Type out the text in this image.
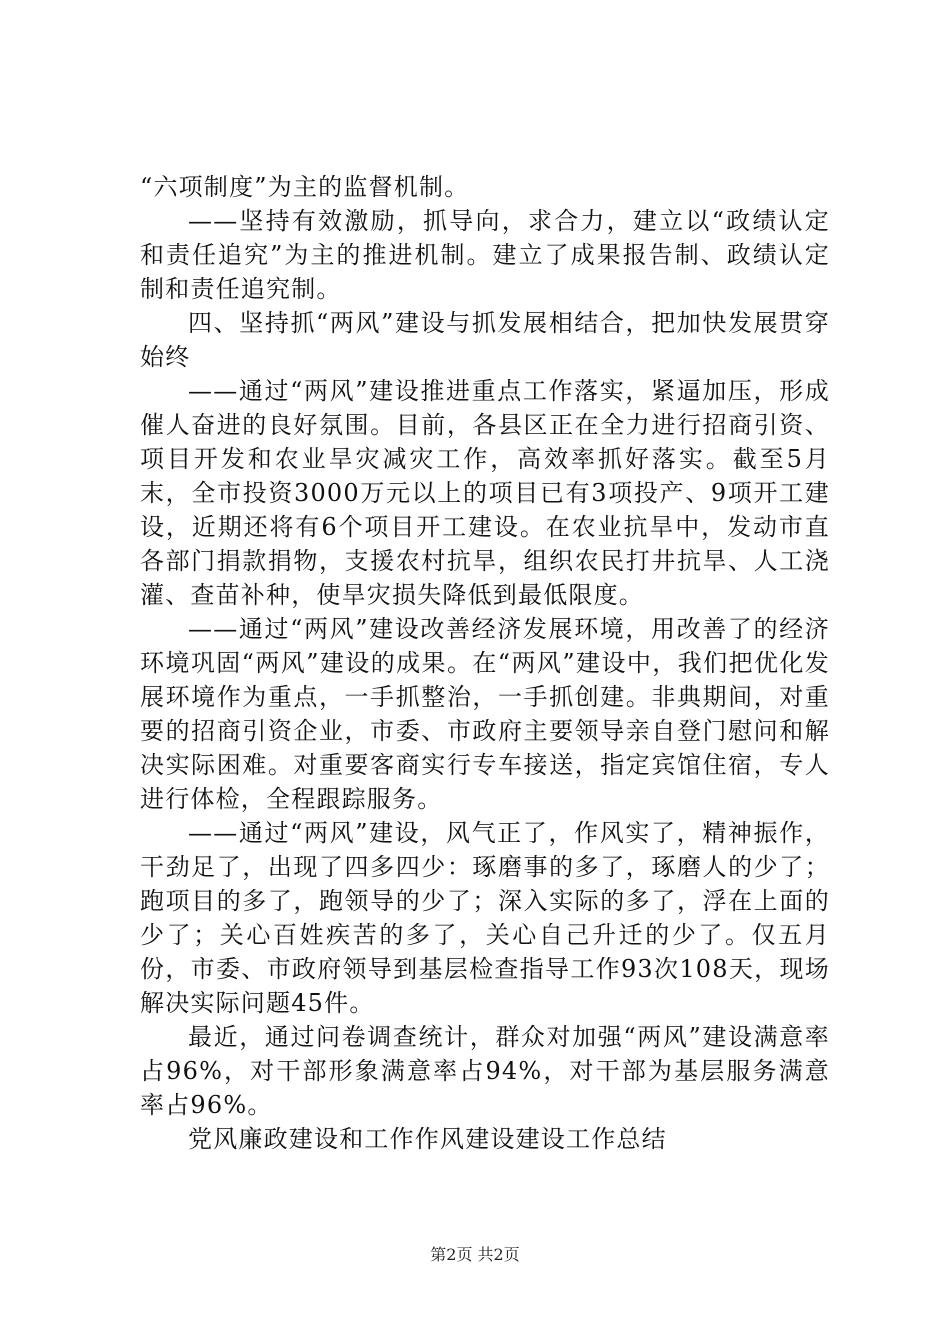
“六项制度”为主的监督机制。

——坚持有效激励，抓导向，求合力，建立以“政绩认定和责任追究”为主的推进机制。建立了成果报告制、政绩认定制和责任追究制。

四、坚持抓“两风”建设与抓发展相结合，把加快发展贯穿始终

——通过“两风”建设推进重点工作落实，紧逼加压，形成催人奋进的良好氛围。目前，各县区正在全力进行招商引资、项目开发和农业旱灾减灾工作，高效率抓好落实。截至5月末，全市投资3000万元以上的项目已有3项投产、9项开工建设，近期还将有6个项目开工建设。在农业抗旱中，发动市直各部门捐款捐物，支援农村抗旱，组织农民打井抗旱、人工浇灌、查苗补种，使旱灾损失降低到最低限度。

——通过“两风”建设改善经济发展环境，用改善了的经济环境巩固“两风”建设的成果。在“两风”建设中，我们把优化发展环境作为重点，一手抓整治，一手抓创建。非典期间，对重要的招商引资企业，市委、市政府主要领导亲自登门慰问和解决实际困难。对重要客商实行专车接送，指定宾馆住宿，专人进行体检，全程跟踪服务。

——通过“两风”建设，风气正了，作风实了，精神振作，干劲足了，出现了四多四少：琢磨事的多了，琢磨人的少了；跑项目的多了，跑领导的少了；深入实际的多了，浮在上面的少了；关心百姓疾苦的多了，关心自己升迁的少了。仅五月份，市委、市政府领导到基层检查指导工作93次108天，现场解决实际问题45件。

最近，通过问卷调查统计，群众对加强“两风”建设满意率占96%，对干部形象满意率占94%，对干部为基层服务满意率占96%。

党风廉政建设和工作作风建设建设工作总结

第2页 共2页
